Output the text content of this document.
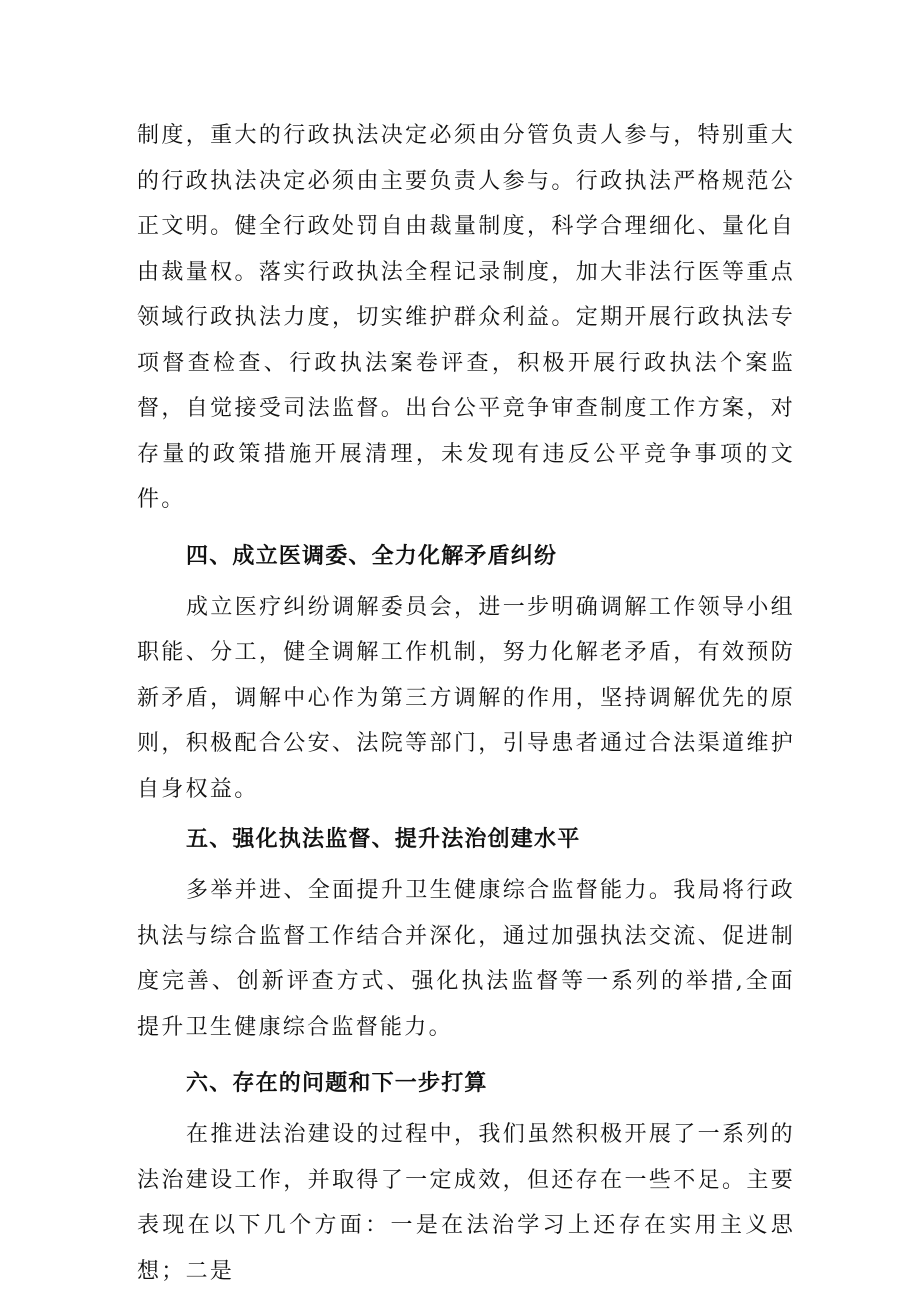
制度，重大的行政执法决定必须由分管负责人参与，特别重大的行政执法决定必须由主要负责人参与。行政执法严格规范公正文明。健全行政处罚自由裁量制度，科学合理细化、量化自由裁量权。落实行政执法全程记录制度，加大非法行医等重点领域行政执法力度，切实维护群众利益。定期开展行政执法专项督查检查、行政执法案卷评查，积极开展行政执法个案监督，自觉接受司法监督。出台公平竞争审查制度工作方案，对存量的政策措施开展清理，未发现有违反公平竞争事项的文件。

四、成立医调委、全力化解矛盾纠纷

成立医疗纠纷调解委员会，进一步明确调解工作领导小组职能、分工，健全调解工作机制，努力化解老矛盾，有效预防新矛盾，调解中心作为第三方调解的作用，坚持调解优先的原则，积极配合公安、法院等部门，引导患者通过合法渠道维护自身权益。

五、强化执法监督、提升法治创建水平

多举并进、全面提升卫生健康综合监督能力。我局将行政执法与综合监督工作结合并深化，通过加强执法交流、促进制度完善、创新评查方式、强化执法监督等一系列的举措,全面提升卫生健康综合监督能力。

六、存在的问题和下一步打算

在推进法治建设的过程中，我们虽然积极开展了一系列的法治建设工作，并取得了一定成效，但还存在一些不足。主要表现在以下几个方面：一是在法治学习上还存在实用主义思想；二是
